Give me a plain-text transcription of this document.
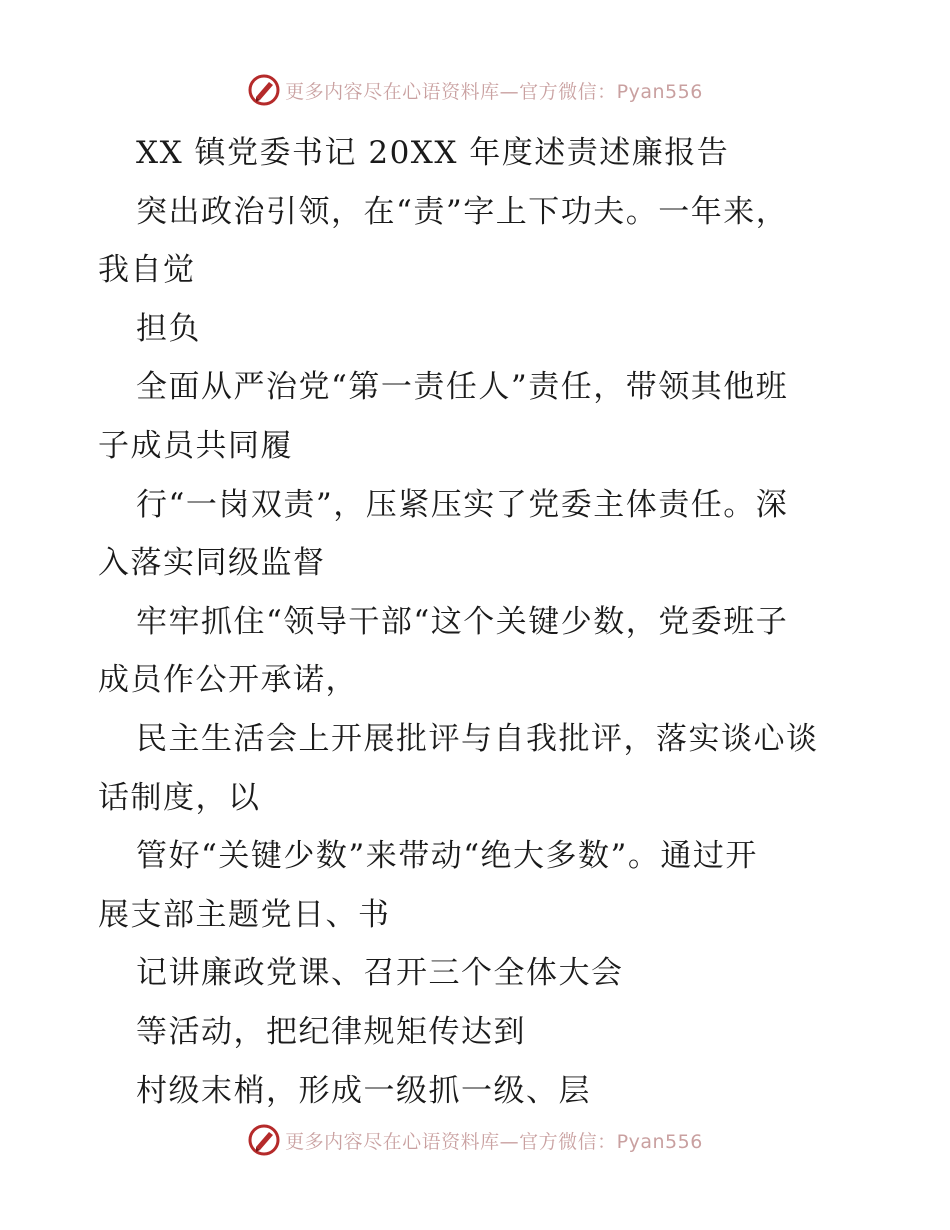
更多内容尽在心语资料库—官方微信：Pyan556
XX 镇党委书记 20XX 年度述责述廉报告
突出政治引领，在“责”字上下功夫。一年来，
我自觉
担负
全面从严治党“第一责任人”责任，带领其他班
子成员共同履
行“一岗双责”，压紧压实了党委主体责任。深
入落实同级监督
牢牢抓住“领导干部“这个关键少数，党委班子
成员作公开承诺，
民主生活会上开展批评与自我批评，落实谈心谈
话制度，以
管好“关键少数”来带动“绝大多数”。通过开
展支部主题党日、书
记讲廉政党课、召开三个全体大会
等活动，把纪律规矩传达到
村级末梢，形成一级抓一级、层
更多内容尽在心语资料库—官方微信：Pyan556
